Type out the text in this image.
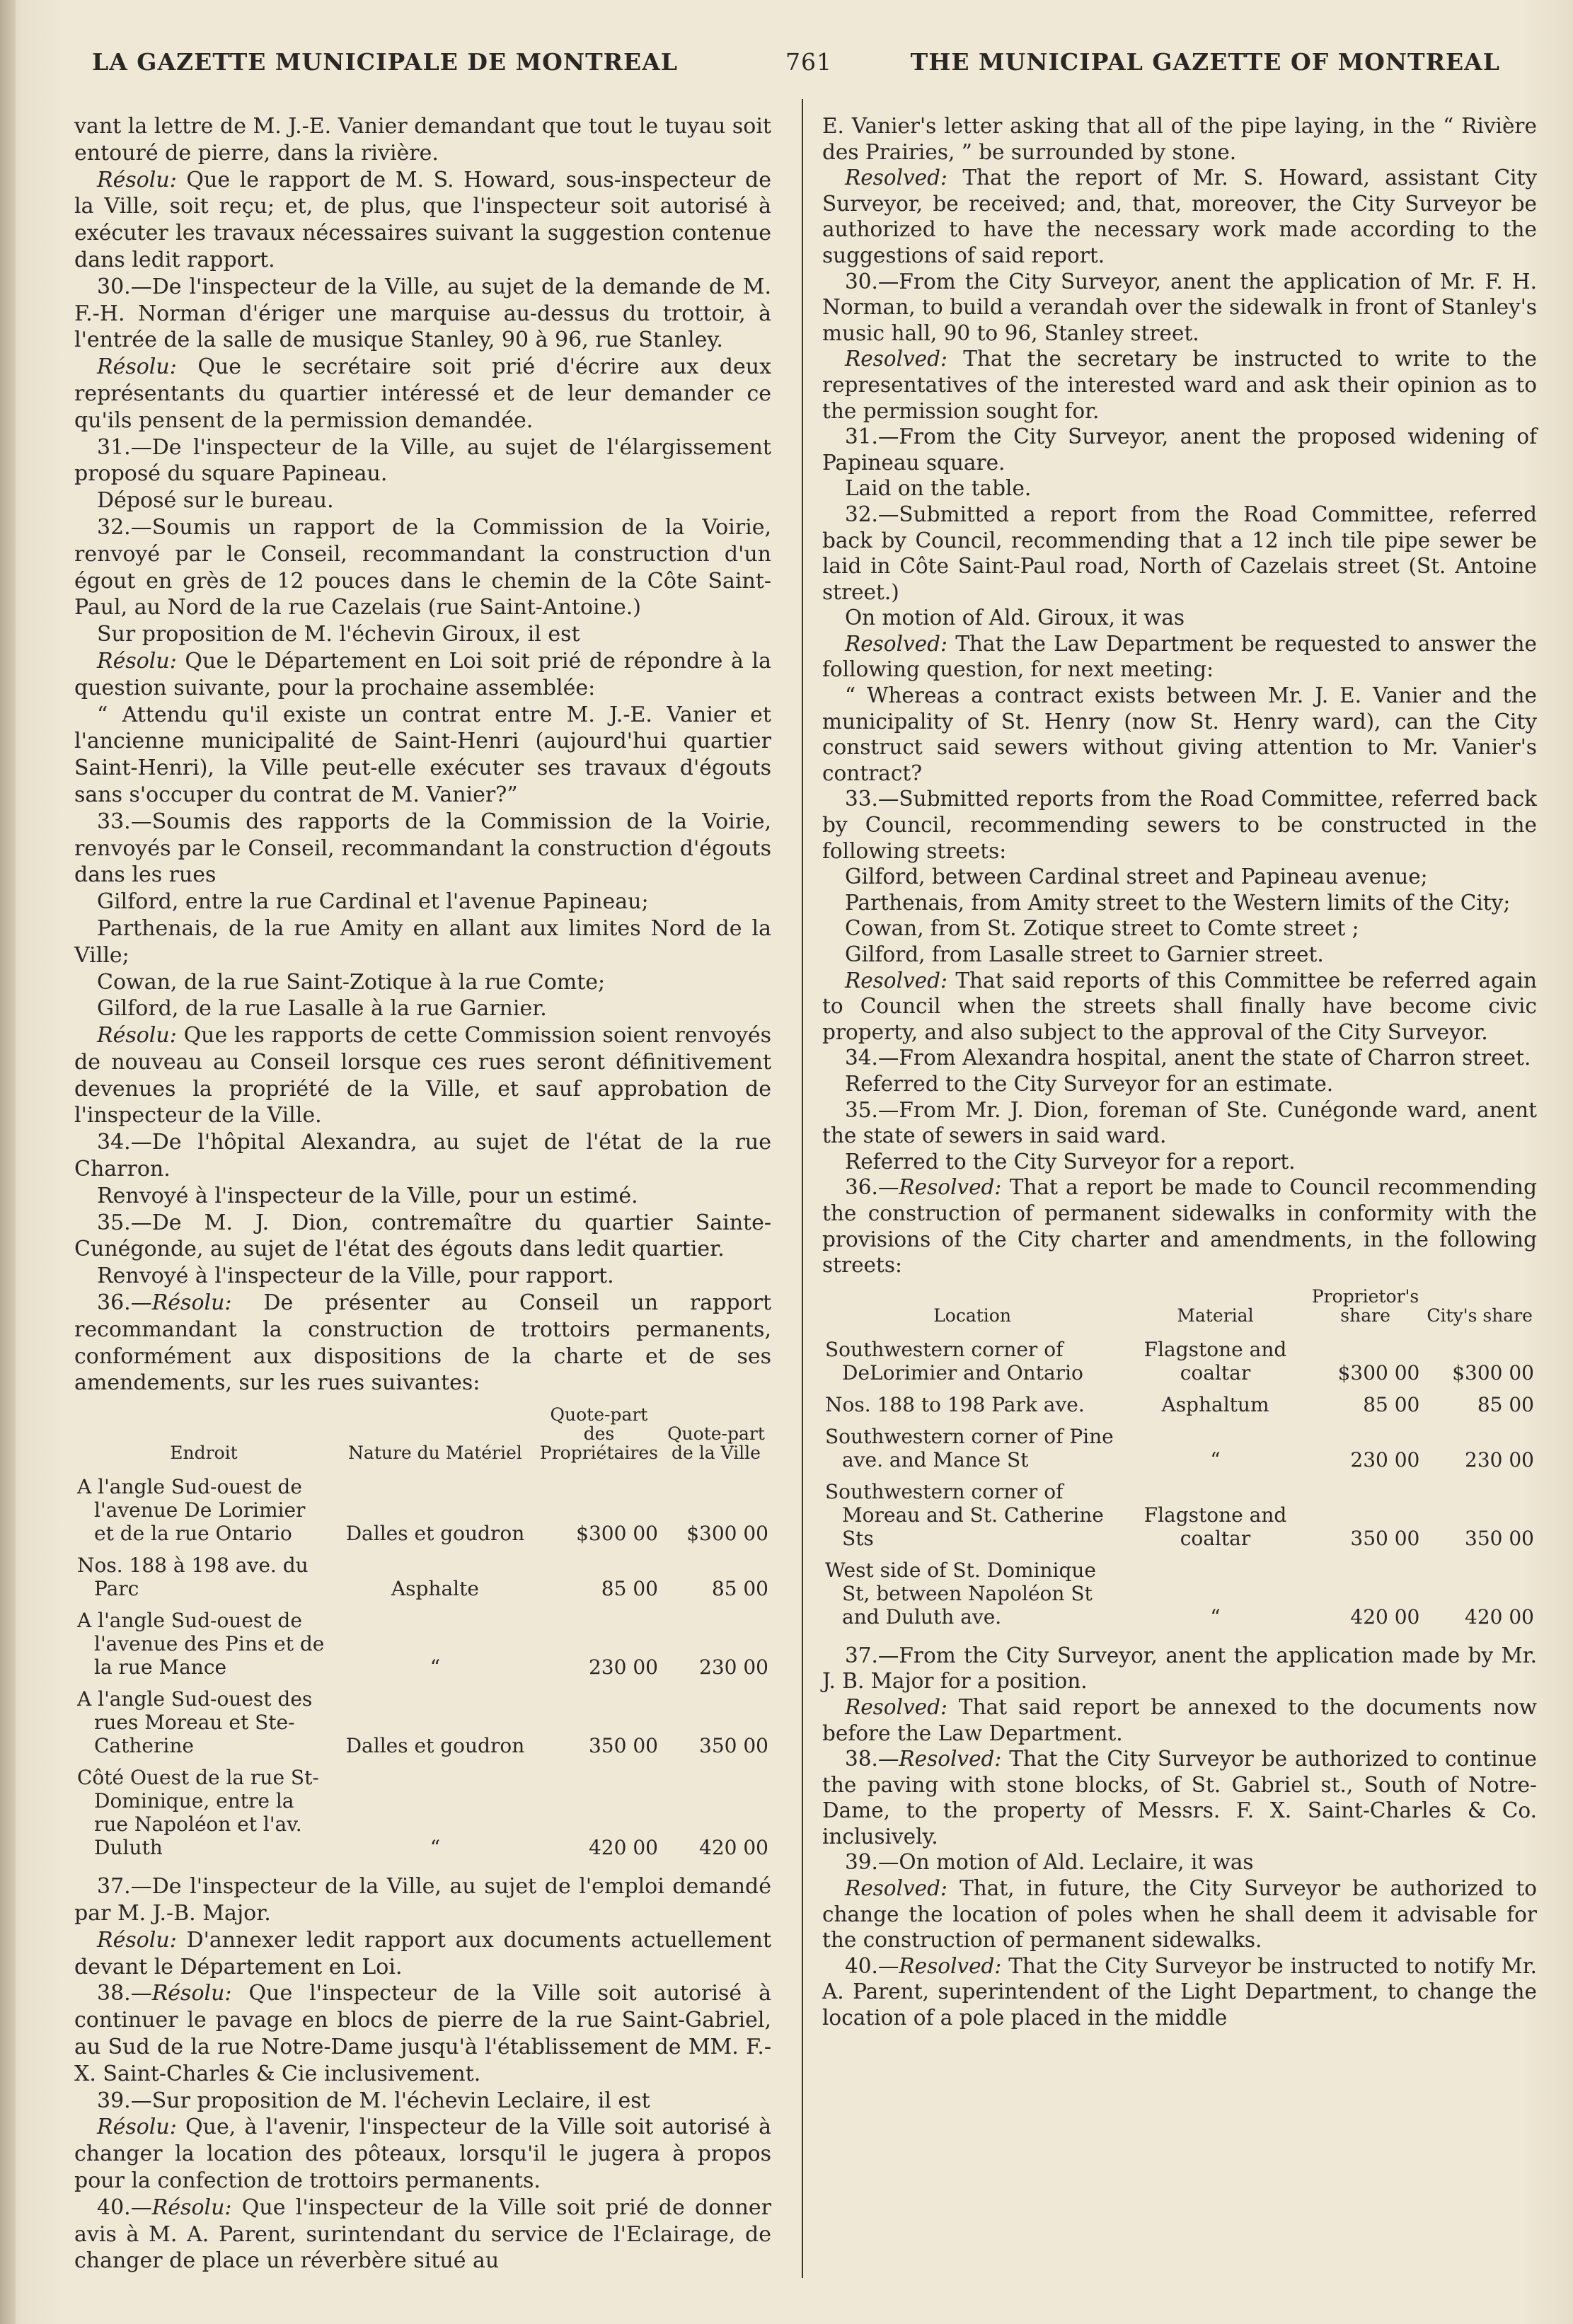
LA GAZETTE MUNICIPALE DE MONTREAL	761	THE MUNICIPAL GAZETTE OF MONTREAL

vant la lettre de M. J.-E. Vanier demandant que tout le tuyau soit entouré de pierre, dans la rivière.

Résolu: Que le rapport de M. S. Howard, sous-inspecteur de la Ville, soit reçu; et, de plus, que l'inspecteur soit autorisé à exécuter les travaux nécessaires suivant la suggestion contenue dans ledit rapport.

30.—De l'inspecteur de la Ville, au sujet de la demande de M. F.-H. Norman d'ériger une marquise au-dessus du trottoir, à l'entrée de la salle de musique Stanley, 90 à 96, rue Stanley.

Résolu: Que le secrétaire soit prié d'écrire aux deux représentants du quartier intéressé et de leur demander ce qu'ils pensent de la permission demandée.

31.—De l'inspecteur de la Ville, au sujet de l'élargissement proposé du square Papineau.

Déposé sur le bureau.

32.—Soumis un rapport de la Commission de la Voirie, renvoyé par le Conseil, recommandant la construction d'un égout en grès de 12 pouces dans le chemin de la Côte Saint-Paul, au Nord de la rue Cazelais (rue Saint-Antoine.)

Sur proposition de M. l'échevin Giroux, il est

Résolu: Que le Département en Loi soit prié de répondre à la question suivante, pour la prochaine assemblée:

“ Attendu qu'il existe un contrat entre M. J.-E. Vanier et l'ancienne municipalité de Saint-Henri (aujourd'hui quartier Saint-Henri), la Ville peut-elle exécuter ses travaux d'égouts sans s'occuper du contrat de M. Vanier?”

33.—Soumis des rapports de la Commission de la Voirie, renvoyés par le Conseil, recommandant la construction d'égouts dans les rues

Gilford, entre la rue Cardinal et l'avenue Papineau;

Parthenais, de la rue Amity en allant aux limites Nord de la Ville;

Cowan, de la rue Saint-Zotique à la rue Comte;

Gilford, de la rue Lasalle à la rue Garnier.

Résolu: Que les rapports de cette Commission soient renvoyés de nouveau au Conseil lorsque ces rues seront définitivement devenues la propriété de la Ville, et sauf approbation de l'inspecteur de la Ville.

34.—De l'hôpital Alexandra, au sujet de l'état de la rue Charron.

Renvoyé à l'inspecteur de la Ville, pour un estimé.

35.—De M. J. Dion, contremaître du quartier Sainte-Cunégonde, au sujet de l'état des égouts dans ledit quartier.

Renvoyé à l'inspecteur de la Ville, pour rapport.

36.—Résolu: De présenter au Conseil un rapport recommandant la construction de trottoirs permanents, conformément aux dispositions de la charte et de ses amendements, sur les rues suivantes:

Endroit	Nature du Matériel	Quote-part des Propriétaires	Quote-part de la Ville
A l'angle Sud-ouest de l'avenue De Lorimier et de la rue Ontario	Dalles et goudron	$300 00	$300 00
Nos. 188 à 198 ave. du Parc	Asphalte	85 00	85 00
A l'angle Sud-ouest de l'avenue des Pins et de la rue Mance	“	230 00	230 00
A l'angle Sud-ouest des rues Moreau et Ste-Catherine	Dalles et goudron	350 00	350 00
Côté Ouest de la rue St-Dominique, entre la rue Napoléon et l'av. Duluth	“	420 00	420 00

37.—De l'inspecteur de la Ville, au sujet de l'emploi demandé par M. J.-B. Major.

Résolu: D'annexer ledit rapport aux documents actuellement devant le Département en Loi.

38.—Résolu: Que l'inspecteur de la Ville soit autorisé à continuer le pavage en blocs de pierre de la rue Saint-Gabriel, au Sud de la rue Notre-Dame jusqu'à l'établissement de MM. F.-X. Saint-Charles & Cie inclusivement.

39.—Sur proposition de M. l'échevin Leclaire, il est

Résolu: Que, à l'avenir, l'inspecteur de la Ville soit autorisé à changer la location des pôteaux, lorsqu'il le jugera à propos pour la confection de trottoirs permanents.

40.—Résolu: Que l'inspecteur de la Ville soit prié de donner avis à M. A. Parent, surintendant du service de l'Eclairage, de changer de place un réverbère situé au

E. Vanier's letter asking that all of the pipe laying, in the “ Rivière des Prairies, ” be surrounded by stone.

Resolved: That the report of Mr. S. Howard, assistant City Surveyor, be received; and, that, moreover, the City Surveyor be authorized to have the necessary work made according to the suggestions of said report.

30.—From the City Surveyor, anent the application of Mr. F. H. Norman, to build a verandah over the sidewalk in front of Stanley's music hall, 90 to 96, Stanley street.

Resolved: That the secretary be instructed to write to the representatives of the interested ward and ask their opinion as to the permission sought for.

31.—From the City Surveyor, anent the proposed widening of Papineau square.

Laid on the table.

32.—Submitted a report from the Road Committee, referred back by Council, recommending that a 12 inch tile pipe sewer be laid in Côte Saint-Paul road, North of Cazelais street (St. Antoine street.)

On motion of Ald. Giroux, it was

Resolved: That the Law Department be requested to answer the following question, for next meeting:

“ Whereas a contract exists between Mr. J. E. Vanier and the municipality of St. Henry (now St. Henry ward), can the City construct said sewers without giving attention to Mr. Vanier's contract?

33.—Submitted reports from the Road Committee, referred back by Council, recommending sewers to be constructed in the following streets:

Gilford, between Cardinal street and Papineau avenue;

Parthenais, from Amity street to the Western limits of the City;

Cowan, from St. Zotique street to Comte street ;

Gilford, from Lasalle street to Garnier street.

Resolved: That said reports of this Committee be referred again to Council when the streets shall finally have become civic property, and also subject to the approval of the City Surveyor.

34.—From Alexandra hospital, anent the state of Charron street.

Referred to the City Surveyor for an estimate.

35.—From Mr. J. Dion, foreman of Ste. Cunégonde ward, anent the state of sewers in said ward.

Referred to the City Surveyor for a report.

36.—Resolved: That a report be made to Council recommending the construction of permanent sidewalks in conformity with the provisions of the City charter and amendments, in the following streets:

Location	Material	Proprietor's share	City's share
Southwestern corner of DeLorimier and Ontario	Flagstone and coaltar	$300 00	$300 00
Nos. 188 to 198 Park ave.	Asphaltum	85 00	85 00
Southwestern corner of Pine ave. and Mance St	“	230 00	230 00
Southwestern corner of Moreau and St. Catherine Sts	Flagstone and coaltar	350 00	350 00
West side of St. Dominique St, between Napoléon St and Duluth ave.	“	420 00	420 00

37.—From the City Surveyor, anent the application made by Mr. J. B. Major for a position.

Resolved: That said report be annexed to the documents now before the Law Department.

38.—Resolved: That the City Surveyor be authorized to continue the paving with stone blocks, of St. Gabriel st., South of Notre-Dame, to the property of Messrs. F. X. Saint-Charles & Co. inclusively.

39.—On motion of Ald. Leclaire, it was

Resolved: That, in future, the City Surveyor be authorized to change the location of poles when he shall deem it advisable for the construction of permanent sidewalks.

40.—Resolved: That the City Surveyor be instructed to notify Mr. A. Parent, superintendent of the Light Department, to change the location of a pole placed in the middle
